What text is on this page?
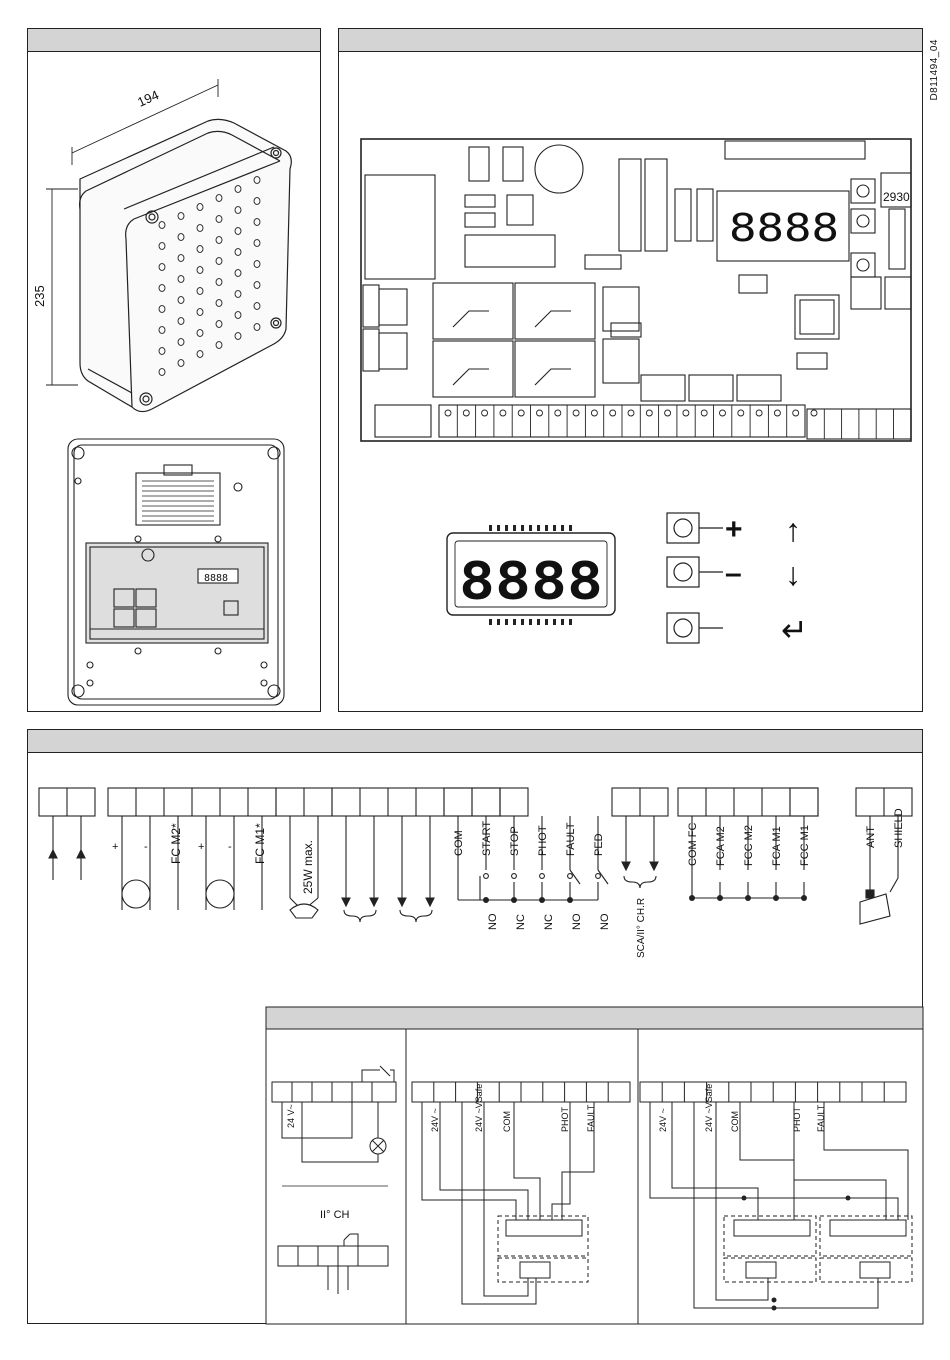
194
235
8888
8888
2930
8888
+
–
↑
↓
↵
D811494_04
+ - FC M2* + - FC M1*	25W max.	COM START STOP PHOT FAULT PED
NO NC NC NO NO	SCA/II° CH.R
COM FC FCA M2 FCC M2 FCA M1 FCC M1	ANT SHIELD
24 V~
II° CH
24V ~	24V ~VSafe COM	PHOT FAULT	24V ~	24V ~VSafe COM	PHOT FAULT
